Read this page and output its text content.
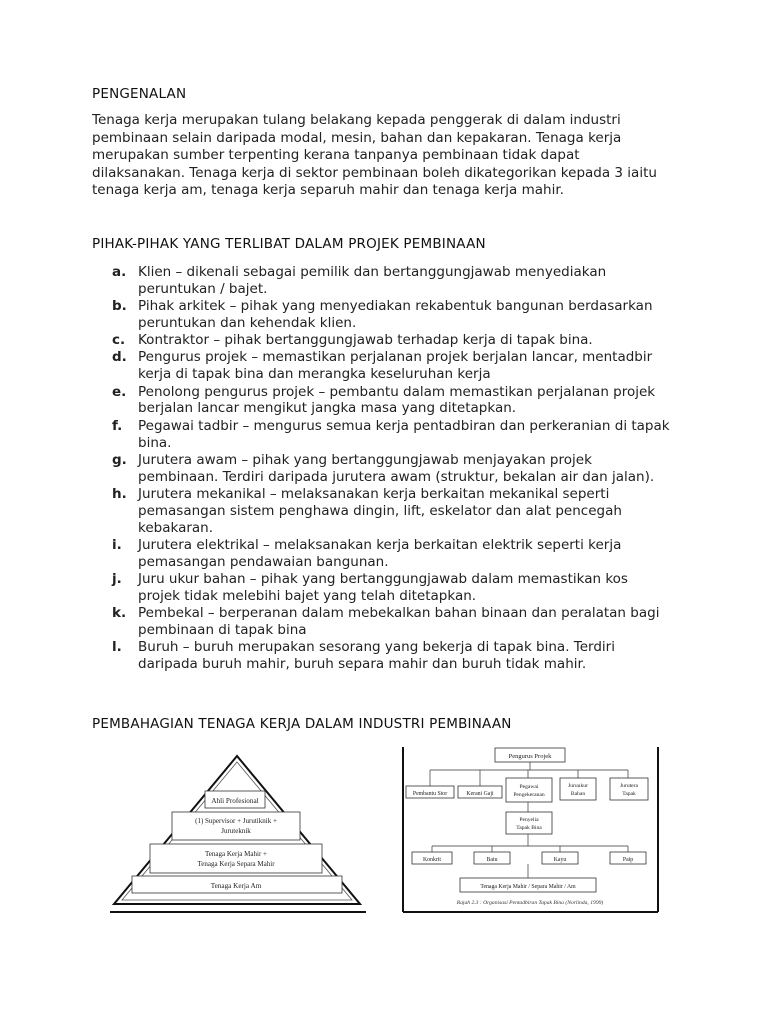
PENGENALAN
Tenaga kerja merupakan tulang belakang kepada penggerak di dalam industri pembinaan selain daripada modal, mesin, bahan dan kepakaran. Tenaga kerja merupakan sumber terpenting kerana tanpanya pembinaan tidak dapat dilaksanakan. Tenaga kerja di sektor pembinaan boleh dikategorikan kepada 3 iaitu tenaga kerja am, tenaga kerja separuh mahir dan tenaga kerja mahir.
PIHAK-PIHAK YANG TERLIBAT DALAM PROJEK PEMBINAAN
a. Klien – dikenali sebagai pemilik dan bertanggungjawab menyediakan peruntukan / bajet.
b. Pihak arkitek – pihak yang menyediakan rekabentuk bangunan berdasarkan peruntukan dan kehendak klien.
c. Kontraktor – pihak bertanggungjawab terhadap kerja di tapak bina.
d. Pengurus projek – memastikan perjalanan projek berjalan lancar, mentadbir kerja di tapak bina dan merangka keseluruhan kerja
e. Penolong pengurus projek – pembantu dalam memastikan perjalanan projek berjalan lancar mengikut jangka masa yang ditetapkan.
f. Pegawai tadbir – mengurus semua kerja pentadbiran dan perkeranian di tapak bina.
g. Jurutera awam – pihak yang bertanggungjawab menjayakan projek pembinaan. Terdiri daripada jurutera awam (struktur, bekalan air dan jalan).
h. Jurutera mekanikal – melaksanakan kerja berkaitan mekanikal seperti pemasangan sistem penghawa dingin, lift, eskelator dan alat pencegah kebakaran.
i. Jurutera elektrikal – melaksanakan kerja berkaitan elektrik seperti kerja pemasangan pendawaian bangunan.
j. Juru ukur bahan – pihak yang bertanggungjawab dalam memastikan kos projek tidak melebihi bajet yang telah ditetapkan.
k. Pembekal – berperanan dalam mebekalkan bahan binaan dan peralatan bagi pembinaan di tapak bina
l. Buruh – buruh merupakan sesorang yang bekerja di tapak bina. Terdiri daripada buruh mahir, buruh separa mahir dan buruh tidak mahir.
PEMBAHAGIAN TENAGA KERJA DALAM INDUSTRI PEMBINAAN
Ahli Profesional
(1) Supervisor + Jurutiknik +
Juruteknik
Tenaga Kerja Mahir +
Tenaga Kerja Separa Mahir
Tenaga Kerja Am
Pengurus Projek
Pembantu Stor	Kerani Gaji
Pegawai
Pengekeranan
Juruukur
Bahan
Jurutera
Tapak
Penyelia
Tapak Bina
Konkrit	Batu	Kayu	Paip
Tenaga Kerja Mahir / Separa Mahir / Am
Rajah 2.3 : Organisasi Pentadbiran Tapak Bina (Norlinda, 1999)
